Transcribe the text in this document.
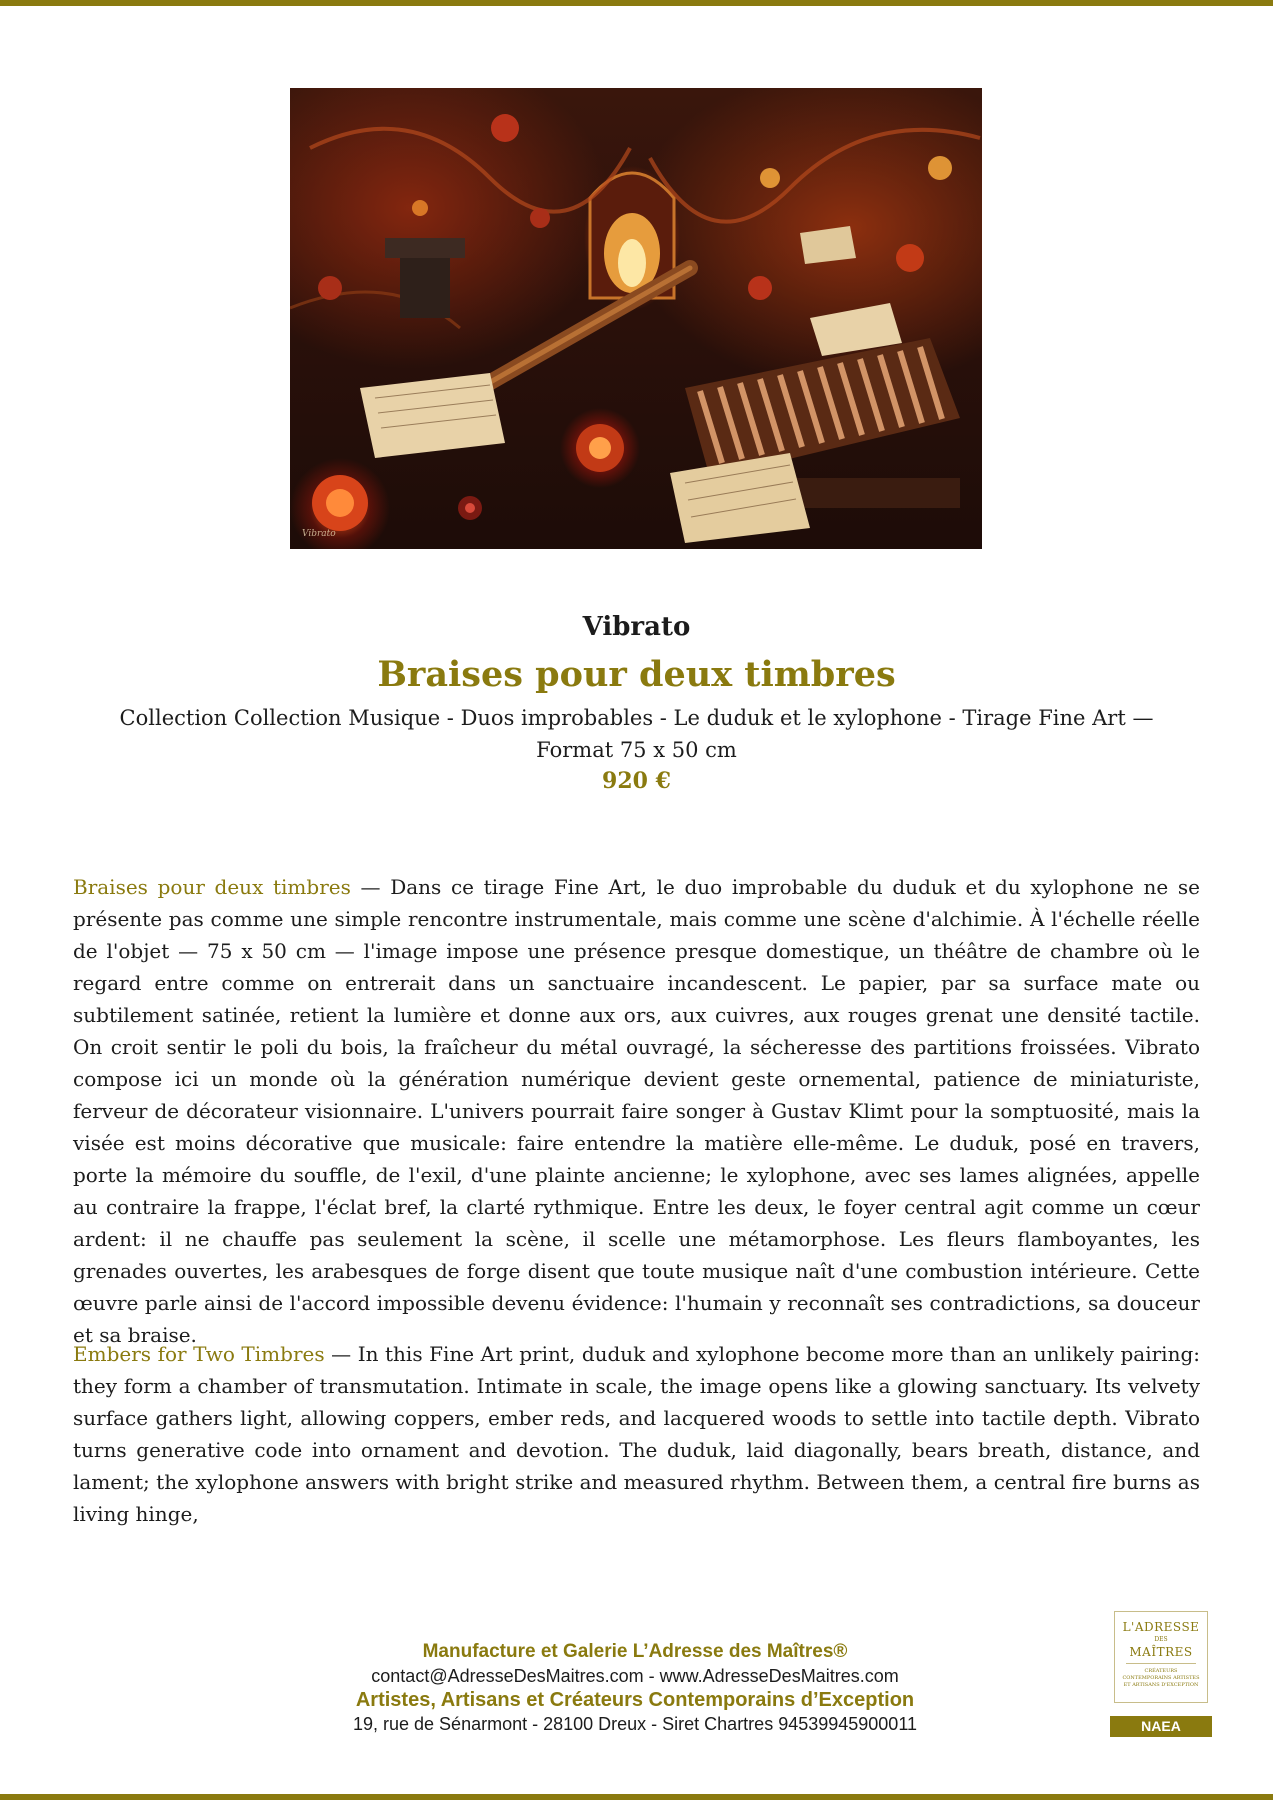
Vibrato
Vibrato
Braises pour deux timbres
Collection Collection Musique - Duos improbables - Le duduk et le xylophone - Tirage Fine Art — Format 75 x 50 cm
920 €

Braises pour deux timbres — Dans ce tirage Fine Art, le duo improbable du duduk et du xylophone ne se présente pas comme une simple rencontre instrumentale, mais comme une scène d'alchimie. À l'échelle réelle de l'objet — 75 x 50 cm — l'image impose une présence presque domestique, un théâtre de chambre où le regard entre comme on entrerait dans un sanctuaire incandescent. Le papier, par sa surface mate ou subtilement satinée, retient la lumière et donne aux ors, aux cuivres, aux rouges grenat une densité tactile. On croit sentir le poli du bois, la fraîcheur du métal ouvragé, la sécheresse des partitions froissées. Vibrato compose ici un monde où la génération numérique devient geste ornemental, patience de miniaturiste, ferveur de décorateur visionnaire. L'univers pourrait faire songer à Gustav Klimt pour la somptuosité, mais la visée est moins décorative que musicale: faire entendre la matière elle-même. Le duduk, posé en travers, porte la mémoire du souffle, de l'exil, d'une plainte ancienne; le xylophone, avec ses lames alignées, appelle au contraire la frappe, l'éclat bref, la clarté rythmique. Entre les deux, le foyer central agit comme un cœur ardent: il ne chauffe pas seulement la scène, il scelle une métamorphose. Les fleurs flamboyantes, les grenades ouvertes, les arabesques de forge disent que toute musique naît d'une combustion intérieure. Cette œuvre parle ainsi de l'accord impossible devenu évidence: l'humain y reconnaît ses contradictions, sa douceur et sa braise.

Embers for Two Timbres — In this Fine Art print, duduk and xylophone become more than an unlikely pairing: they form a chamber of transmutation. Intimate in scale, the image opens like a glowing sanctuary. Its velvety surface gathers light, allowing coppers, ember reds, and lacquered woods to settle into tactile depth. Vibrato turns generative code into ornament and devotion. The duduk, laid diagonally, bears breath, distance, and lament; the xylophone answers with bright strike and measured rhythm. Between them, a central fire burns as living hinge,

Manufacture et Galerie L’Adresse des Maîtres®
contact@AdresseDesMaitres.com - www.AdresseDesMaitres.com
Artistes, Artisans et Créateurs Contemporains d’Exception
19, rue de Sénarmont - 28100 Dreux - Siret Chartres 94539945900011
L'ADRESSE
DES
MAÎTRES
CRÉATEURS CONTEMPORAINS ARTISTES ET ARTISANS D'EXCEPTION
NAEA
